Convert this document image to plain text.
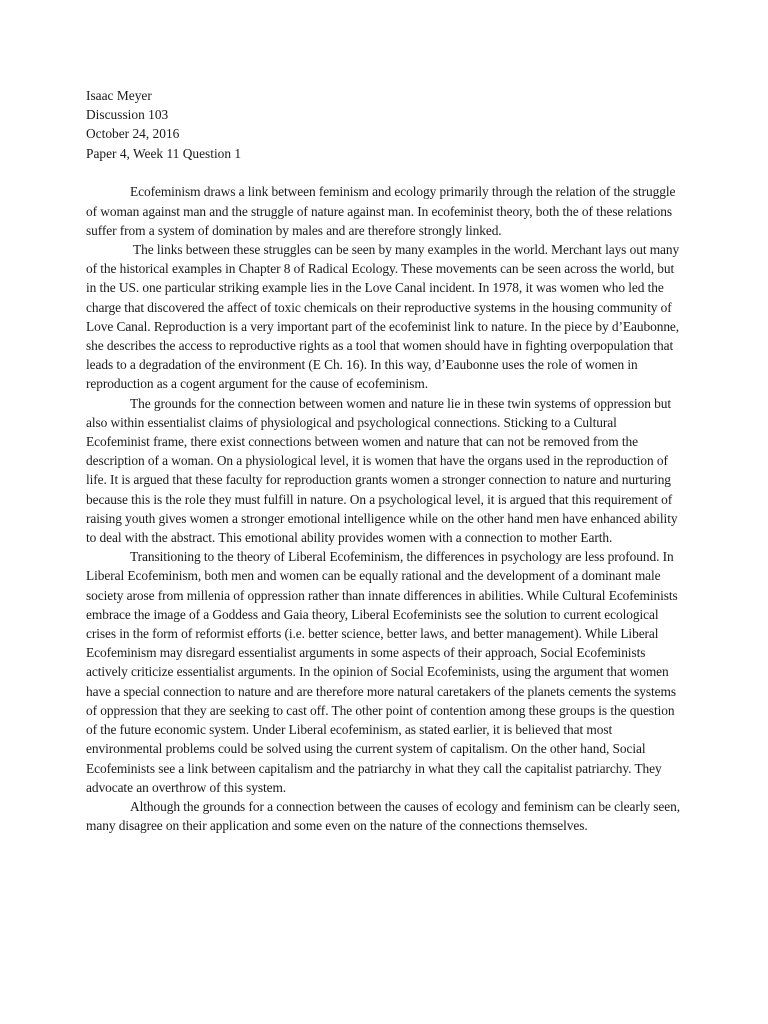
Isaac Meyer

Discussion 103

October 24, 2016

Paper 4, Week 11 Question 1

Ecofeminism draws a link between feminism and ecology primarily through the relation of the struggle of woman against man and the struggle of nature against man. In ecofeminist theory, both the of these relations suffer from a system of domination by males and are therefore strongly linked.

The links between these struggles can be seen by many examples in the world. Merchant lays out many of the historical examples in Chapter 8 of Radical Ecology. These movements can be seen across the world, but in the US. one particular striking example lies in the Love Canal incident. In 1978, it was women who led the charge that discovered the affect of toxic chemicals on their reproductive systems in the housing community of Love Canal. Reproduction is a very important part of the ecofeminist link to nature. In the piece by d’Eaubonne, she describes the access to reproductive rights as a tool that women should have in fighting overpopulation that leads to a degradation of the environment (E Ch. 16). In this way, d’Eaubonne uses the role of women in reproduction as a cogent argument for the cause of ecofeminism.

The grounds for the connection between women and nature lie in these twin systems of oppression but also within essentialist claims of physiological and psychological connections. Sticking to a Cultural Ecofeminist frame, there exist connections between women and nature that can not be removed from the description of a woman. On a physiological level, it is women that have the organs used in the reproduction of life. It is argued that these faculty for reproduction grants women a stronger connection to nature and nurturing because this is the role they must fulfill in nature. On a psychological level, it is argued that this requirement of raising youth gives women a stronger emotional intelligence while on the other hand men have enhanced ability to deal with the abstract. This emotional ability provides women with a connection to mother Earth.

Transitioning to the theory of Liberal Ecofeminism, the differences in psychology are less profound. In Liberal Ecofeminism, both men and women can be equally rational and the development of a dominant male society arose from millenia of oppression rather than innate differences in abilities. While Cultural Ecofeminists embrace the image of a Goddess and Gaia theory, Liberal Ecofeminists see the solution to current ecological crises in the form of reformist efforts (i.e. better science, better laws, and better management). While Liberal Ecofeminism may disregard essentialist arguments in some aspects of their approach, Social Ecofeminists actively criticize essentialist arguments. In the opinion of Social Ecofeminists, using the argument that women have a special connection to nature and are therefore more natural caretakers of the planets cements the systems of oppression that they are seeking to cast off. The other point of contention among these groups is the question of the future economic system. Under Liberal ecofeminism, as stated earlier, it is believed that most environmental problems could be solved using the current system of capitalism. On the other hand, Social Ecofeminists see a link between capitalism and the patriarchy in what they call the capitalist patriarchy. They advocate an overthrow of this system.

Although the grounds for a connection between the causes of ecology and feminism can be clearly seen, many disagree on their application and some even on the nature of the connections themselves.
